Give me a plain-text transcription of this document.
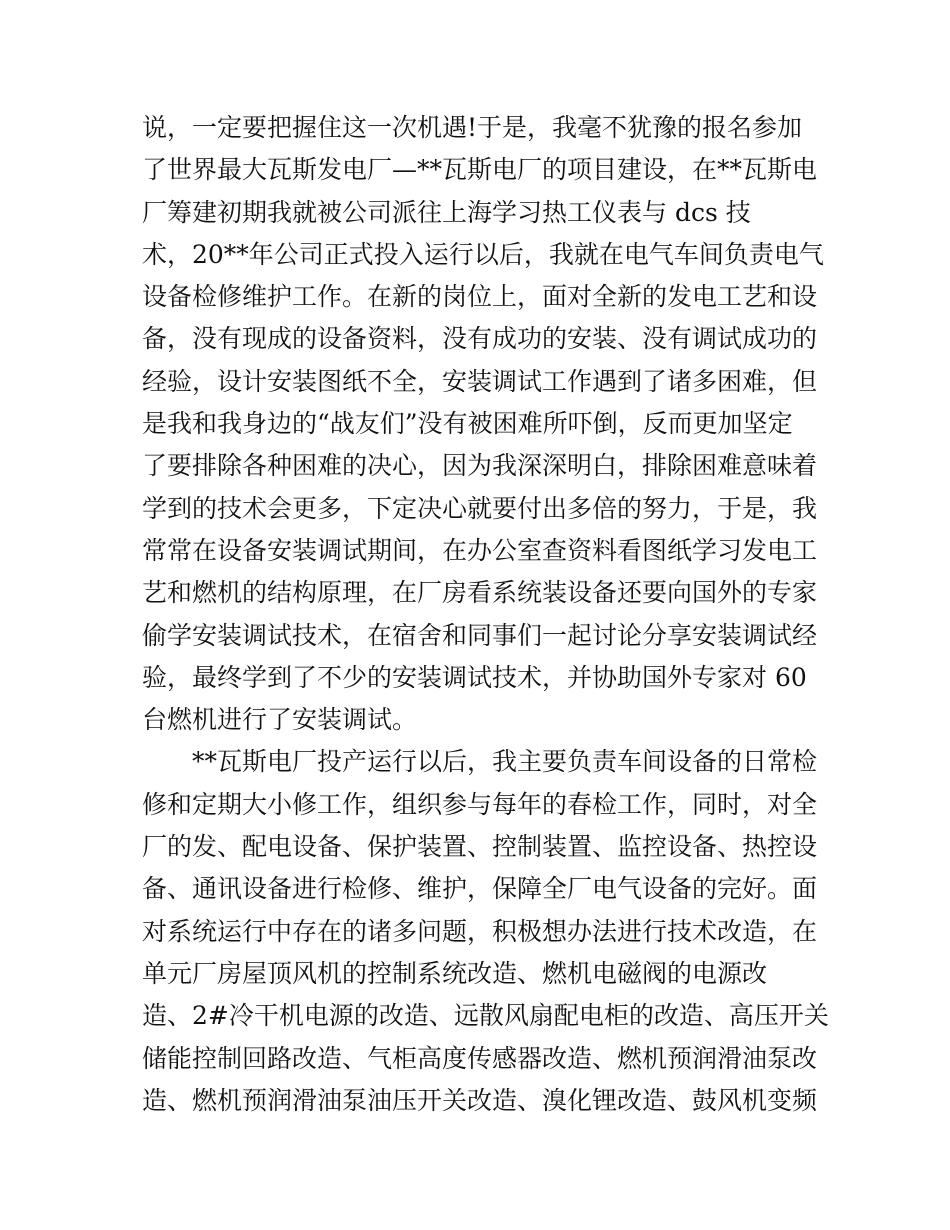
说，一定要把握住这一次机遇!于是，我毫不犹豫的报名参加
了世界最大瓦斯发电厂—**瓦斯电厂的项目建设，在**瓦斯电
厂筹建初期我就被公司派往上海学习热工仪表与 dcs 技
术，20**年公司正式投入运行以后，我就在电气车间负责电气
设备检修维护工作。在新的岗位上，面对全新的发电工艺和设
备，没有现成的设备资料，没有成功的安装、没有调试成功的
经验，设计安装图纸不全，安装调试工作遇到了诸多困难，但
是我和我身边的“战友们”没有被困难所吓倒，反而更加坚定
了要排除各种困难的决心，因为我深深明白，排除困难意味着
学到的技术会更多，下定决心就要付出多倍的努力，于是，我
常常在设备安装调试期间，在办公室查资料看图纸学习发电工
艺和燃机的结构原理，在厂房看系统装设备还要向国外的专家
偷学安装调试技术，在宿舍和同事们一起讨论分享安装调试经
验，最终学到了不少的安装调试技术，并协助国外专家对 60
台燃机进行了安装调试。
**瓦斯电厂投产运行以后，我主要负责车间设备的日常检
修和定期大小修工作，组织参与每年的春检工作，同时，对全
厂的发、配电设备、保护装置、控制装置、监控设备、热控设
备、通讯设备进行检修、维护，保障全厂电气设备的完好。面
对系统运行中存在的诸多问题，积极想办法进行技术改造，在
单元厂房屋顶风机的控制系统改造、燃机电磁阀的电源改
造、2#冷干机电源的改造、远散风扇配电柜的改造、高压开关
储能控制回路改造、气柜高度传感器改造、燃机预润滑油泵改
造、燃机预润滑油泵油压开关改造、溴化锂改造、鼓风机变频
